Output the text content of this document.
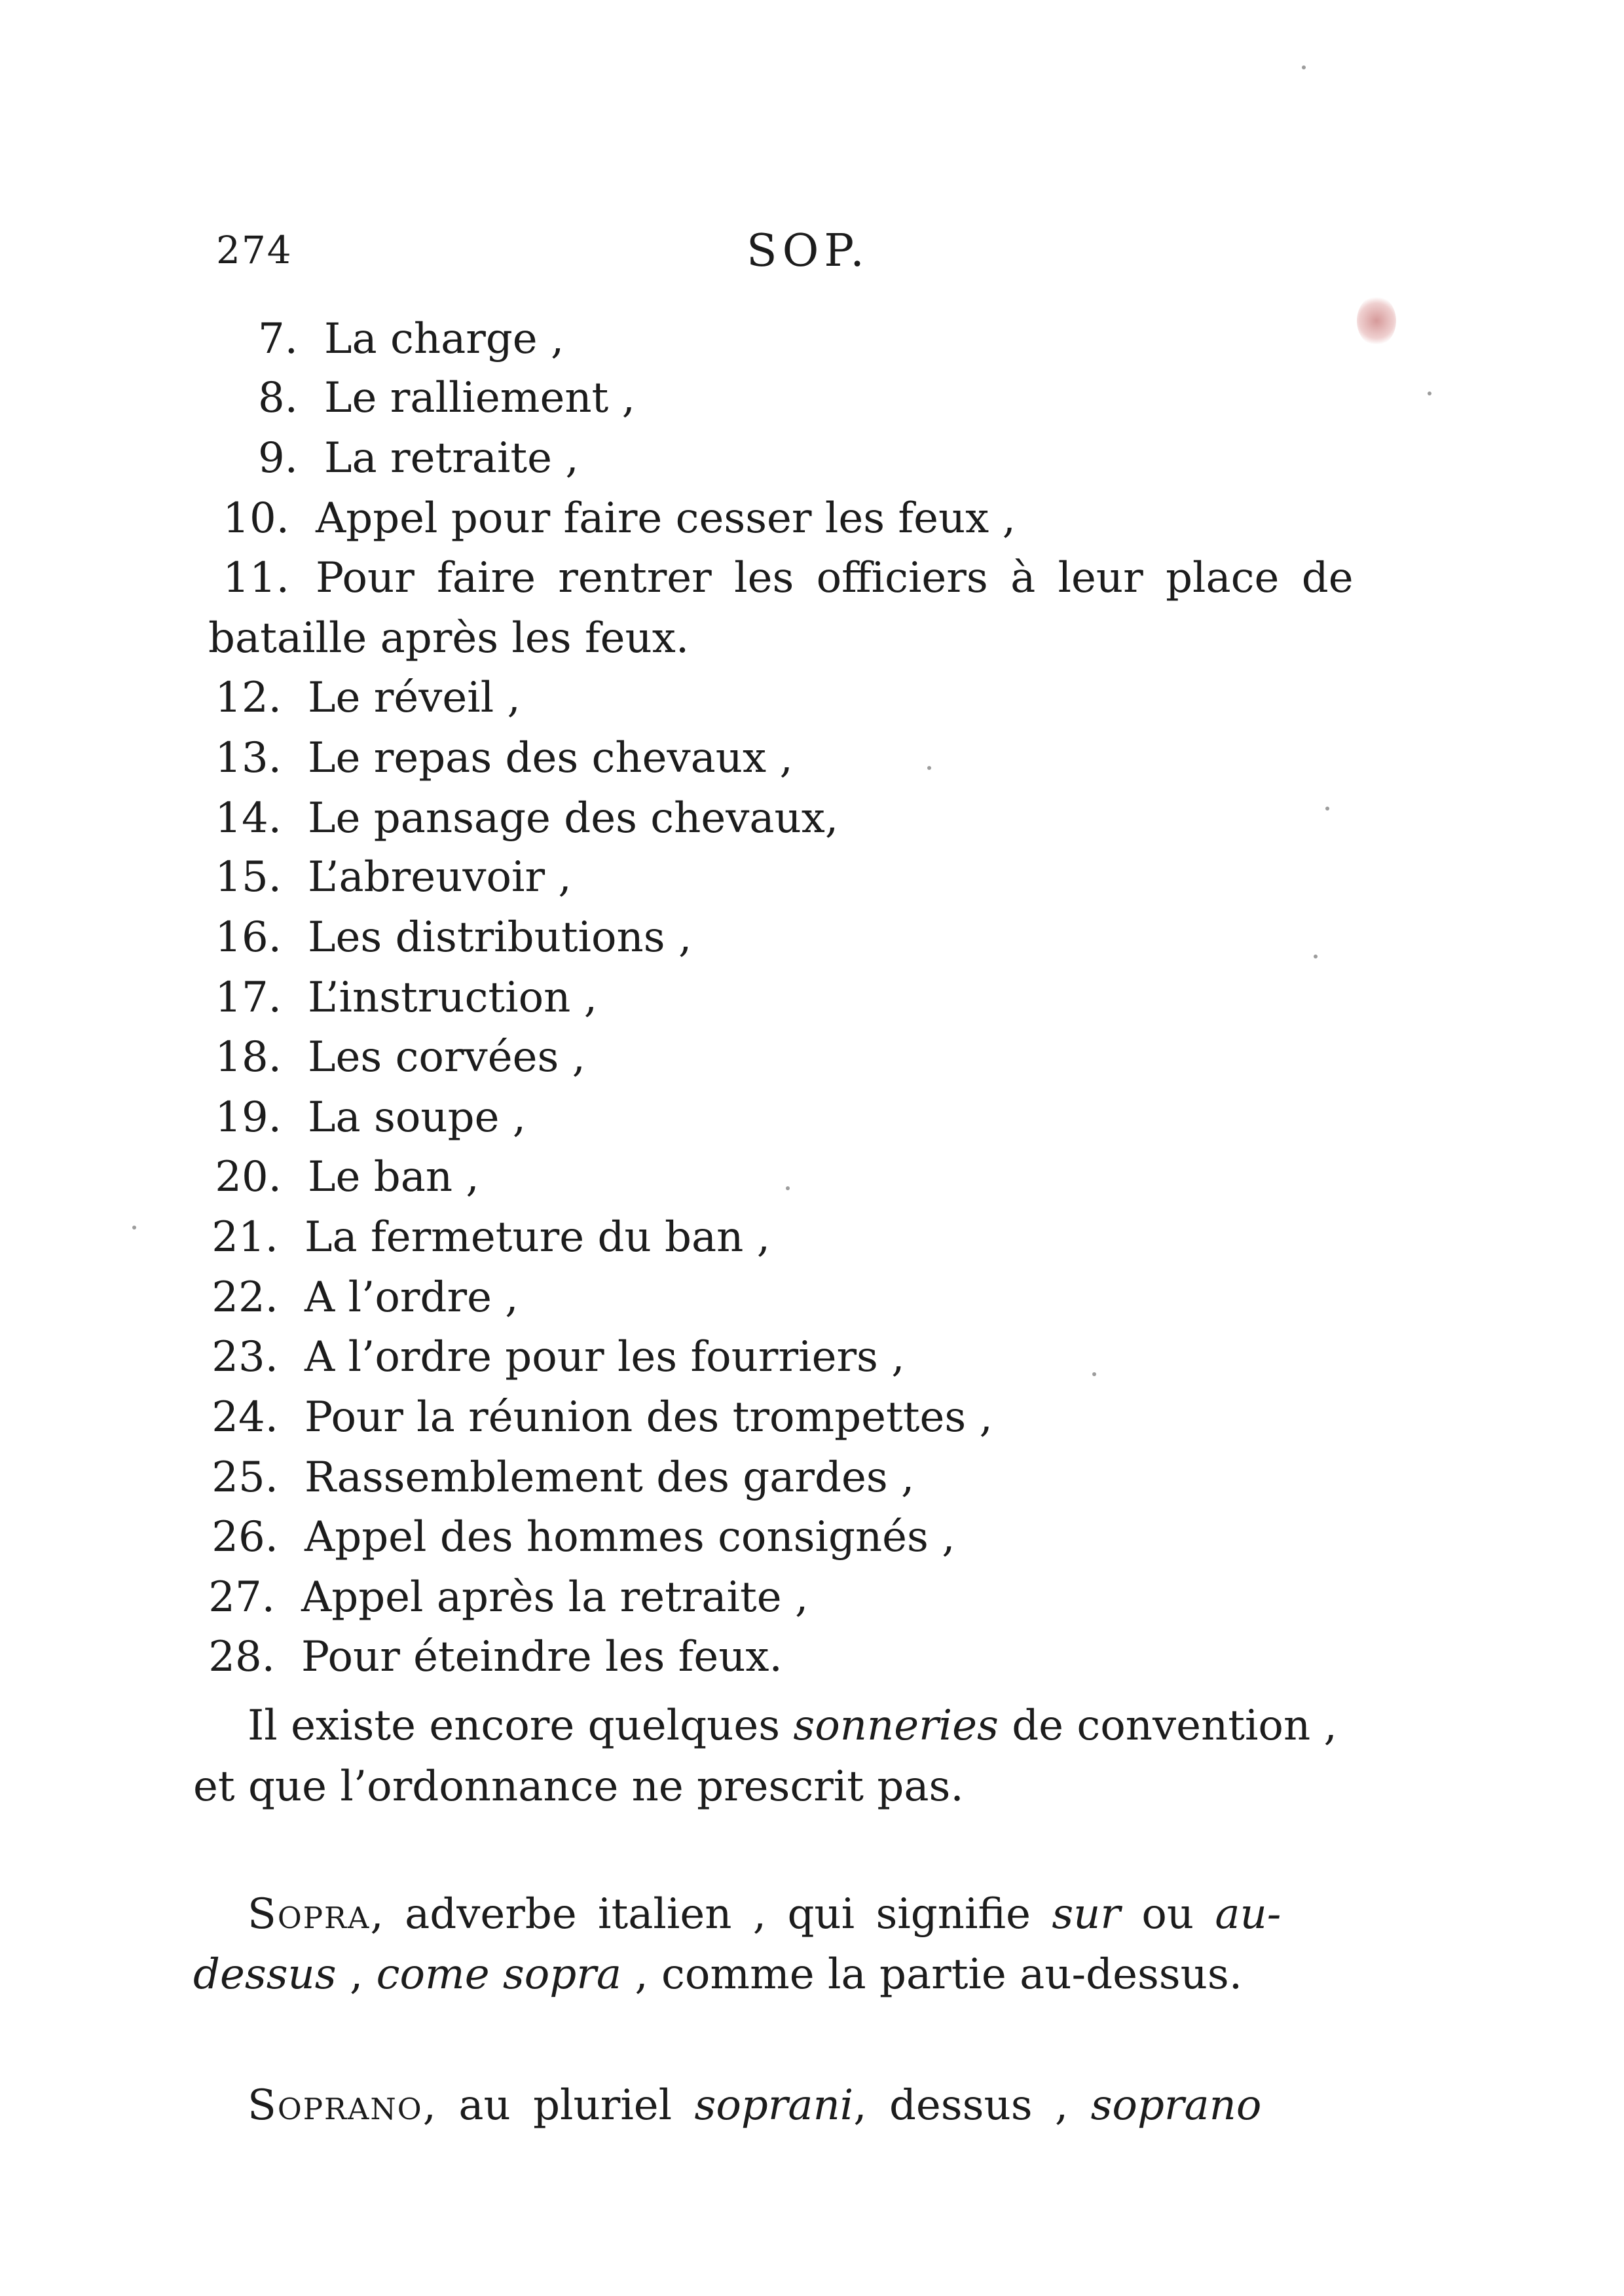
274	SOP.
7. La charge ,
8. Le ralliement ,
9. La retraite ,
10. Appel pour faire cesser les feux ,
11. Pour faire rentrer les officiers à leur place de
bataille après les feux.
12. Le réveil ,
13. Le repas des chevaux ,
14. Le pansage des chevaux,
15. L’abreuvoir ,
16. Les distributions ,
17. L’instruction ,
18. Les corvées ,
19. La soupe ,
20. Le ban ,
21. La fermeture du ban ,
22. A l’ordre ,
23. A l’ordre pour les fourriers ,
24. Pour la réunion des trompettes ,
25. Rassemblement des gardes ,
26. Appel des hommes consignés ,
27. Appel après la retraite ,
28. Pour éteindre les feux.
Il existe encore quelques sonneries de convention ,
et que l’ordonnance ne prescrit pas.
Sopra, adverbe italien , qui signifie sur ou au-
dessus , come sopra , comme la partie au-dessus.
Soprano, au pluriel soprani, dessus , soprano
